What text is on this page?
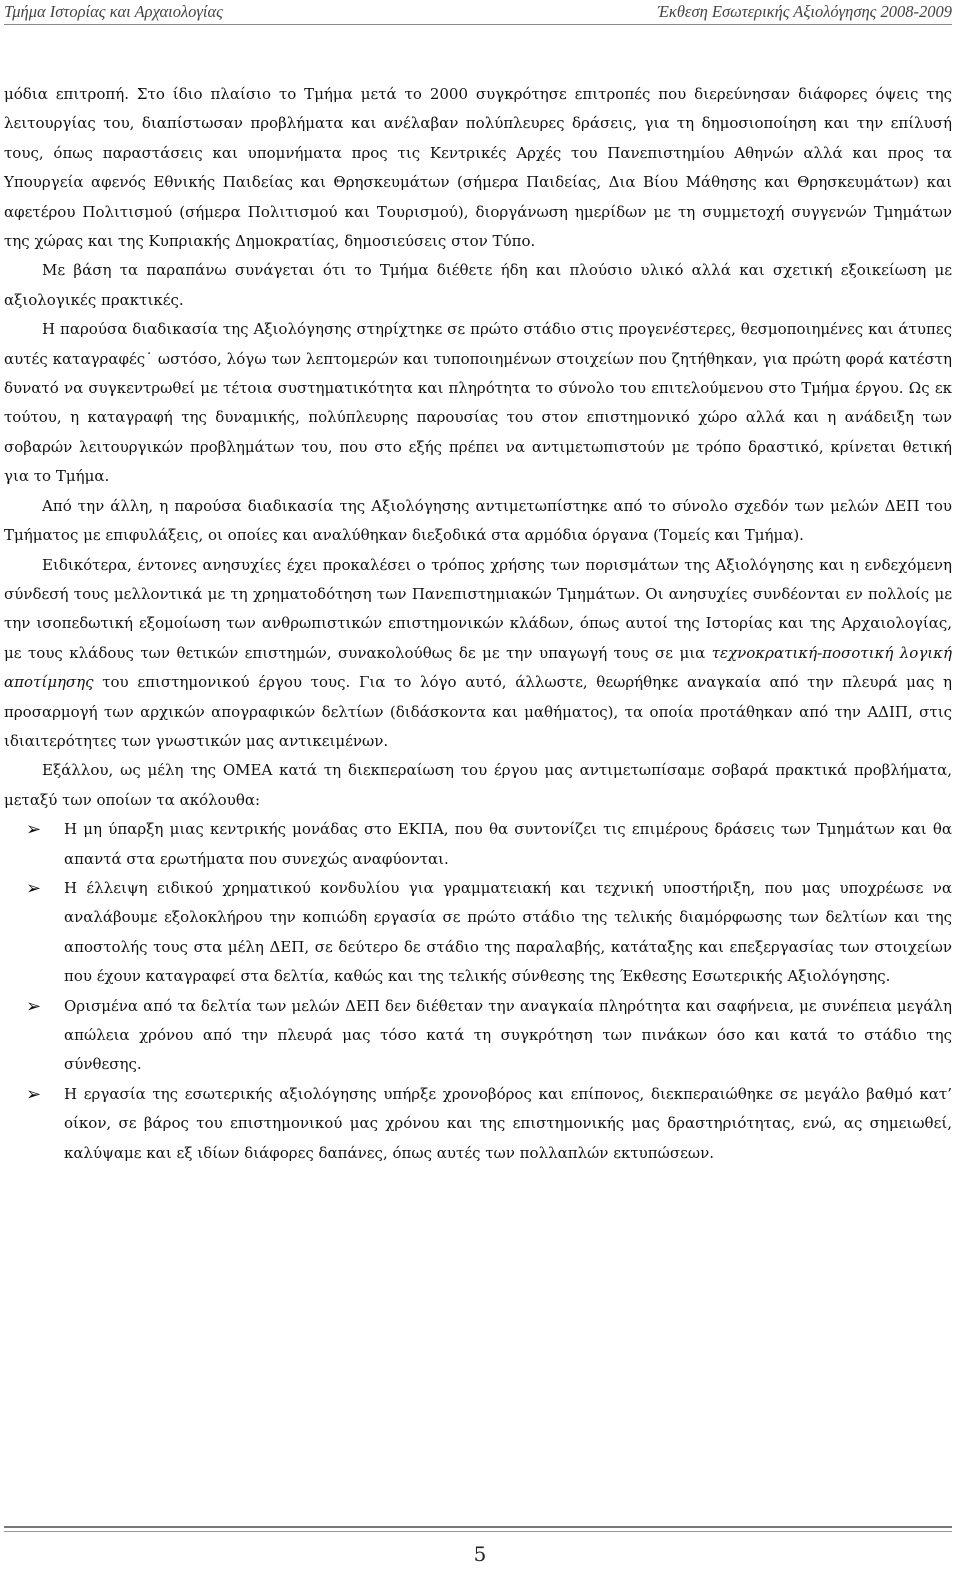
Τμήμα Ιστορίας και Αρχαιολογίας	Έκθεση Εσωτερικής Αξιολόγησης 2008-2009

μόδια επιτροπή. Στο ίδιο πλαίσιο το Τμήμα μετά το 2000 συγκρότησε επιτροπές που διερεύνησαν διάφορες όψεις της λειτουργίας του, διαπίστωσαν προβλήματα και ανέλαβαν πολύπλευρες δράσεις, για τη δημοσιοποίηση και την επίλυσή τους, όπως παραστάσεις και υπομνήματα προς τις Κεντρικές Αρχές του Πανεπιστημίου Αθηνών αλλά και προς τα Υπουργεία αφενός Εθνικής Παιδείας και Θρησκευμάτων (σήμερα Παιδείας, Δια Βίου Μάθησης και Θρησκευμάτων) και αφετέρου Πολιτισμού (σήμερα Πολιτισμού και Τουρισμού), διοργάνωση ημερίδων με τη συμμετοχή συγγενών Τμημάτων της χώρας και της Κυπριακής Δημοκρατίας, δημοσιεύσεις στον Τύπο.

Με βάση τα παραπάνω συνάγεται ότι το Τμήμα διέθετε ήδη και πλούσιο υλικό αλλά και σχετική εξοικείωση με αξιολογικές πρακτικές.

Η παρούσα διαδικασία της Αξιολόγησης στηρίχτηκε σε πρώτο στάδιο στις προγενέστερες, θεσμοποιημένες και άτυπες αυτές καταγραφές˙ ωστόσο, λόγω των λεπτομερών και τυποποιημένων στοιχείων που ζητήθηκαν, για πρώτη φορά κατέστη δυνατό να συγκεντρωθεί με τέτοια συστηματικότητα και πληρότητα το σύνολο του επιτελούμενου στο Τμήμα έργου. Ως εκ τούτου, η καταγραφή της δυναμικής, πολύπλευρης παρουσίας του στον επιστημονικό χώρο αλλά και η ανάδειξη των σοβαρών λειτουργικών προβλημάτων του, που στο εξής πρέπει να αντιμετωπιστούν με τρόπο δραστικό, κρίνεται θετική για το Τμήμα.

Από την άλλη, η παρούσα διαδικασία της Αξιολόγησης αντιμετωπίστηκε από το σύνολο σχεδόν των μελών ΔΕΠ του Τμήματος με επιφυλάξεις, οι οποίες και αναλύθηκαν διεξοδικά στα αρμόδια όργανα (Τομείς και Τμήμα).

Ειδικότερα, έντονες ανησυχίες έχει προκαλέσει ο τρόπος χρήσης των πορισμάτων της Αξιολόγησης και η ενδεχόμενη σύνδεσή τους μελλοντικά με τη χρηματοδότηση των Πανεπιστημιακών Τμημάτων. Οι ανησυχίες συνδέονται εν πολλοίς με την ισοπεδωτική εξομοίωση των ανθρωπιστικών επιστημονικών κλάδων, όπως αυτοί της Ιστορίας και της Αρχαιολογίας, με τους κλάδους των θετικών επιστημών, συνακολούθως δε με την υπαγωγή τους σε μια τεχνοκρατική-ποσοτική λογική αποτίμησης του επιστημονικού έργου τους. Για το λόγο αυτό, άλλωστε, θεωρήθηκε αναγκαία από την πλευρά μας η προσαρμογή των αρχικών απογραφικών δελτίων (διδάσκοντα και μαθήματος), τα οποία προτάθηκαν από την ΑΔΙΠ, στις ιδιαιτερότητες των γνωστικών μας αντικειμένων.

Εξάλλου, ως μέλη της ΟΜΕΑ κατά τη διεκπεραίωση του έργου μας αντιμετωπίσαμε σοβαρά πρακτικά προβλήματα, μεταξύ των οποίων τα ακόλουθα:

➢ Η μη ύπαρξη μιας κεντρικής μονάδας στο ΕΚΠΑ, που θα συντονίζει τις επιμέρους δράσεις των Τμημάτων και θα απαντά στα ερωτήματα που συνεχώς αναφύονται.
➢ Η έλλειψη ειδικού χρηματικού κονδυλίου για γραμματειακή και τεχνική υποστήριξη, που μας υποχρέωσε να αναλάβουμε εξολοκλήρου την κοπιώδη εργασία σε πρώτο στάδιο της τελικής διαμόρφωσης των δελτίων και της αποστολής τους στα μέλη ΔΕΠ, σε δεύτερο δε στάδιο της παραλαβής, κατάταξης και επεξεργασίας των στοιχείων που έχουν καταγραφεί στα δελτία, καθώς και της τελικής σύνθεσης της Έκθεσης Εσωτερικής Αξιολόγησης.
➢ Ορισμένα από τα δελτία των μελών ΔΕΠ δεν διέθεταν την αναγκαία πληρότητα και σαφήνεια, με συνέπεια μεγάλη απώλεια χρόνου από την πλευρά μας τόσο κατά τη συγκρότηση των πινάκων όσο και κατά το στάδιο της σύνθεσης.
➢ Η εργασία της εσωτερικής αξιολόγησης υπήρξε χρονοβόρος και επίπονος, διεκπεραιώθηκε σε μεγάλο βαθμό κατ’ οίκον, σε βάρος του επιστημονικού μας χρόνου και της επιστημονικής μας δραστηριότητας, ενώ, ας σημειωθεί, καλύψαμε και εξ ιδίων διάφορες δαπάνες, όπως αυτές των πολλαπλών εκτυπώσεων.
5
